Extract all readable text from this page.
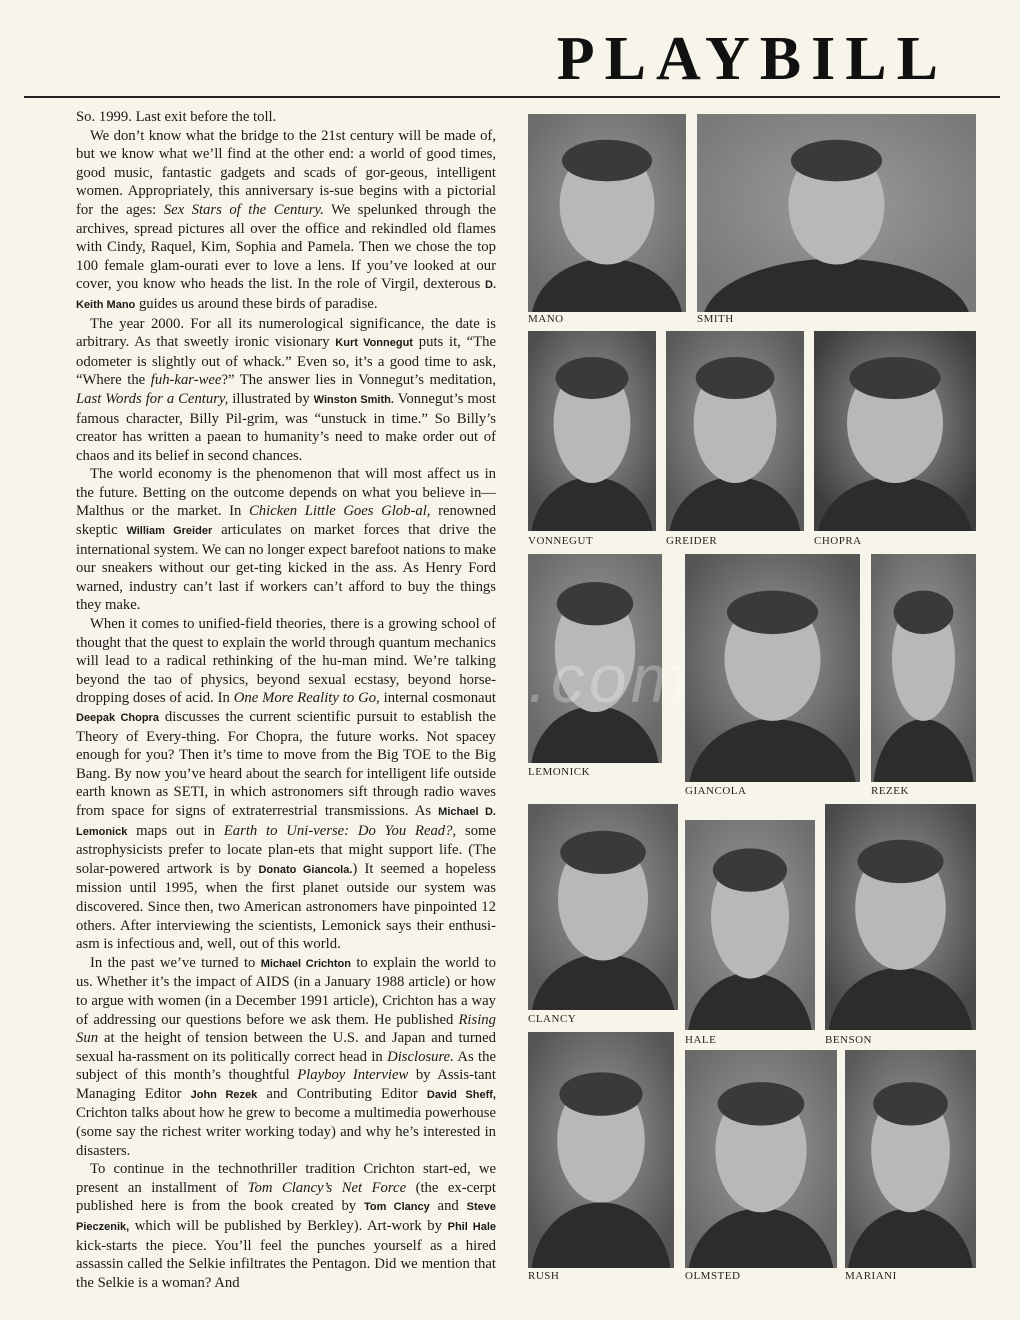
PLAYBILL

So. 1999. Last exit before the toll.

We don’t know what the bridge to the 21st century will be made of, but we know what we’ll find at the other end: a world of good times, good music, fantastic gadgets and scads of gor-geous, intelligent women. Appropriately, this anniversary is-sue begins with a pictorial for the ages: Sex Stars of the Century. We spelunked through the archives, spread pictures all over the office and rekindled old flames with Cindy, Raquel, Kim, Sophia and Pamela. Then we chose the top 100 female glam-ourati ever to love a lens. If you’ve looked at our cover, you know who heads the list. In the role of Virgil, dexterous D. Keith Mano guides us around these birds of paradise.

The year 2000. For all its numerological significance, the date is arbitrary. As that sweetly ironic visionary Kurt Vonnegut puts it, “The odometer is slightly out of whack.” Even so, it’s a good time to ask, “Where the fuh-kar-wee?” The answer lies in Vonnegut’s meditation, Last Words for a Century, illustrated by Winston Smith. Vonnegut’s most famous character, Billy Pil-grim, was “unstuck in time.” So Billy’s creator has written a paean to humanity’s need to make order out of chaos and its belief in second chances.

The world economy is the phenomenon that will most affect us in the future. Betting on the outcome depends on what you believe in—Malthus or the market. In Chicken Little Goes Glob-al, renowned skeptic William Greider articulates on market forces that drive the international system. We can no longer expect barefoot nations to make our sneakers without our get-ting kicked in the ass. As Henry Ford warned, industry can’t last if workers can’t afford to buy the things they make.

When it comes to unified-field theories, there is a growing school of thought that the quest to explain the world through quantum mechanics will lead to a radical rethinking of the hu-man mind. We’re talking beyond the tao of physics, beyond sexual ecstasy, beyond horse-dropping doses of acid. In One More Reality to Go, internal cosmonaut Deepak Chopra discusses the current scientific pursuit to establish the Theory of Every-thing. For Chopra, the future works. Not spacey enough for you? Then it’s time to move from the Big TOE to the Big Bang. By now you’ve heard about the search for intelligent life outside earth known as SETI, in which astronomers sift through radio waves from space for signs of extraterrestrial transmissions. As Michael D. Lemonick maps out in Earth to Uni-verse: Do You Read?, some astrophysicists prefer to locate plan-ets that might support life. (The solar-powered artwork is by Donato Giancola.) It seemed a hopeless mission until 1995, when the first planet outside our system was discovered. Since then, two American astronomers have pinpointed 12 others. After interviewing the scientists, Lemonick says their enthusi-asm is infectious and, well, out of this world.

In the past we’ve turned to Michael Crichton to explain the world to us. Whether it’s the impact of AIDS (in a January 1988 article) or how to argue with women (in a December 1991 article), Crichton has a way of addressing our questions before we ask them. He published Rising Sun at the height of tension between the U.S. and Japan and turned sexual ha-rassment on its politically correct head in Disclosure. As the subject of this month’s thoughtful Playboy Interview by Assis-tant Managing Editor John Rezek and Contributing Editor David Sheff, Crichton talks about how he grew to become a multimedia powerhouse (some say the richest writer working today) and why he’s interested in disasters.

To continue in the technothriller tradition Crichton start-ed, we present an installment of Tom Clancy’s Net Force (the ex-cerpt published here is from the book created by Tom Clancy and Steve Pieczenik, which will be published by Berkley). Art-work by Phil Hale kick-starts the piece. You’ll feel the punches yourself as a hired assassin called the Selkie infiltrates the Pentagon. Did we mention that the Selkie is a woman? And

MANO	SMITH
VONNEGUT	GREIDER	CHOPRA
LEMONICK
GIANCOLA	REZEK
CLANCY
HALE	BENSON
RUSH	OLMSTED	MARIANI
.com
